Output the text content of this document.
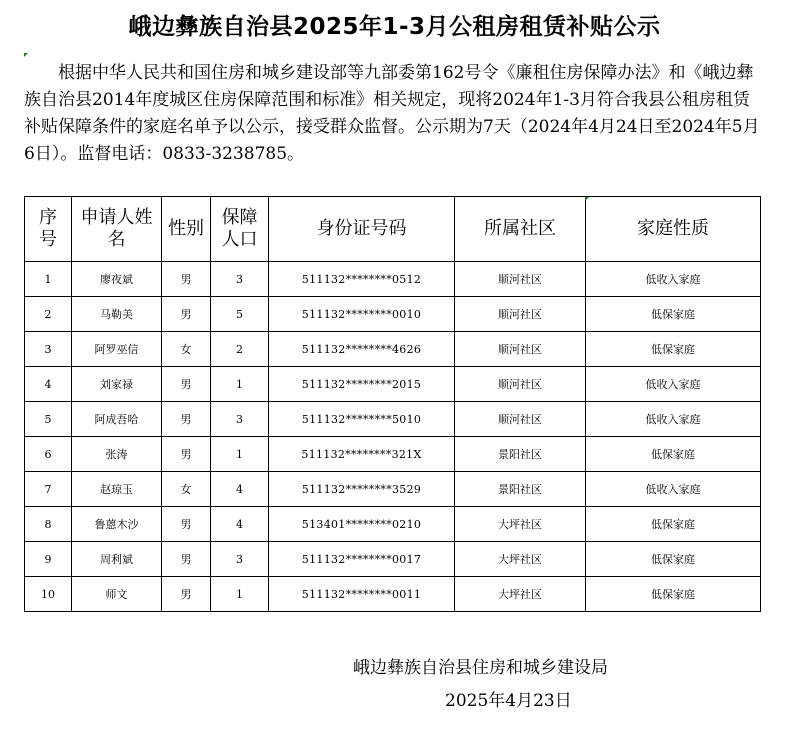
峨边彝族自治县2025年1-3月公租房租赁补贴公示

根据中华人民共和国住房和城乡建设部等九部委第162号令《廉租住房保障办法》和《峨边彝族自治县2014年度城区住房保障范围和标准》相关规定，现将2024年1-3月符合我县公租房租赁补贴保障条件的家庭名单予以公示，接受群众监督。公示期为7天（2024年4月24日至2024年5月6日）。监督电话：0833-3238785。

序号	申请人姓 名	性别	保障人口	身份证号码	所属社区	家庭性质
1	廖夜斌	男	3	511132********0512	顺河社区	低收入家庭
2	马勒美	男	5	511132********0010	顺河社区	低保家庭
3	阿罗巫信	女	2	511132********4626	顺河社区	低保家庭
4	刘家禄	男	1	511132********2015	顺河社区	低收入家庭
5	阿成吾哈	男	3	511132********5010	顺河社区	低收入家庭
6	张涛	男	1	511132********321X	景阳社区	低保家庭
7	赵琼玉	女	4	511132********3529	景阳社区	低收入家庭
8	鲁蒽木沙	男	4	513401********0210	大坪社区	低保家庭
9	周利斌	男	3	511132********0017	大坪社区	低保家庭
10	师文	男	1	511132********0011	大坪社区	低保家庭
峨边彝族自治县住房和城乡建设局
2025年4月23日
